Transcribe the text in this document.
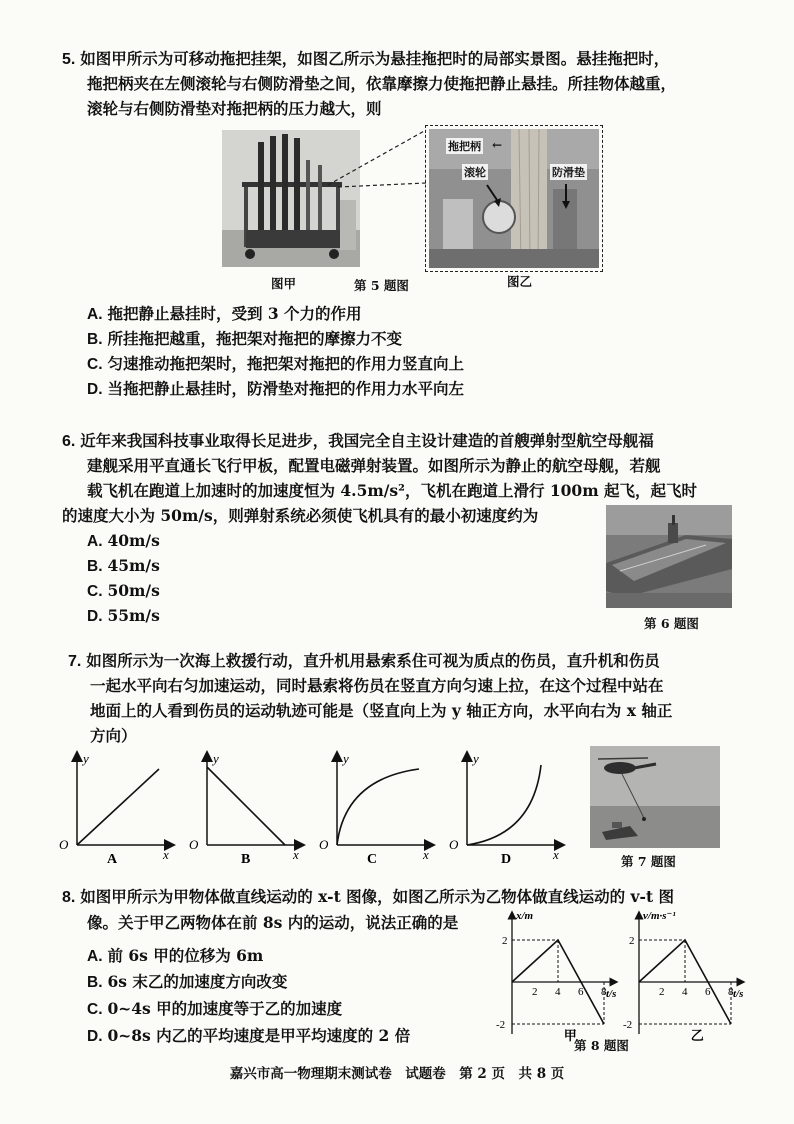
5. 如图甲所示为可移动拖把挂架，如图乙所示为悬挂拖把时的局部实景图。悬挂拖把时，
拖把柄夹在左侧滚轮与右侧防滑垫之间，依靠摩擦力使拖把静止悬挂。所挂物体越重，
滚轮与右侧防滑垫对拖把柄的压力越大，则
图甲	第 5 题图
拖把柄 ←
滚轮	防滑垫
图乙
A. 拖把静止悬挂时，受到 3 个力的作用
B. 所挂拖把越重，拖把架对拖把的摩擦力不变
C. 匀速推动拖把架时，拖把架对拖把的作用力竖直向上
D. 当拖把静止悬挂时，防滑垫对拖把的作用力水平向左
6. 近年来我国科技事业取得长足进步，我国完全自主设计建造的首艘弹射型航空母舰福
建舰采用平直通长飞行甲板，配置电磁弹射装置。如图所示为静止的航空母舰，若舰
载飞机在跑道上加速时的加速度恒为 4.5m/s²，飞机在跑道上滑行 100m 起飞，起飞时
的速度大小为 50m/s，则弹射系统必须使飞机具有的最小初速度约为
A. 40m/s
B. 45m/s
C. 50m/s
D. 55m/s	第 6 题图
7. 如图所示为一次海上救援行动，直升机用悬索系住可视为质点的伤员，直升机和伤员
一起水平向右匀加速运动，同时悬索将伤员在竖直方向匀速上拉，在这个过程中站在
地面上的人看到伤员的运动轨迹可能是（竖直向上为 y 轴正方向，水平向右为 x 轴正
方向）
y
x
O
A
y
x
O
B
y
x
O
C
y
x
O
D	第 7 题图
8. 如图甲所示为甲物体做直线运动的 x-t 图像，如图乙所示为乙物体做直线运动的 v-t 图
像。关于甲乙两物体在前 8s 内的运动，说法正确的是
A. 前 6s 甲的位移为 6m
B. 6s 末乙的加速度方向改变
C. 0~4s 甲的加速度等于乙的加速度
D. 0~8s 内乙的平均速度是甲平均速度的 2 倍
2 4 6 8
2
-2
x/m
t/s
甲
2 4 6 8
2
-2
v/m·s⁻¹
t/s
乙
第 8 题图
嘉兴市高一物理期末测试卷　试题卷　第 2 页　共 8 页
